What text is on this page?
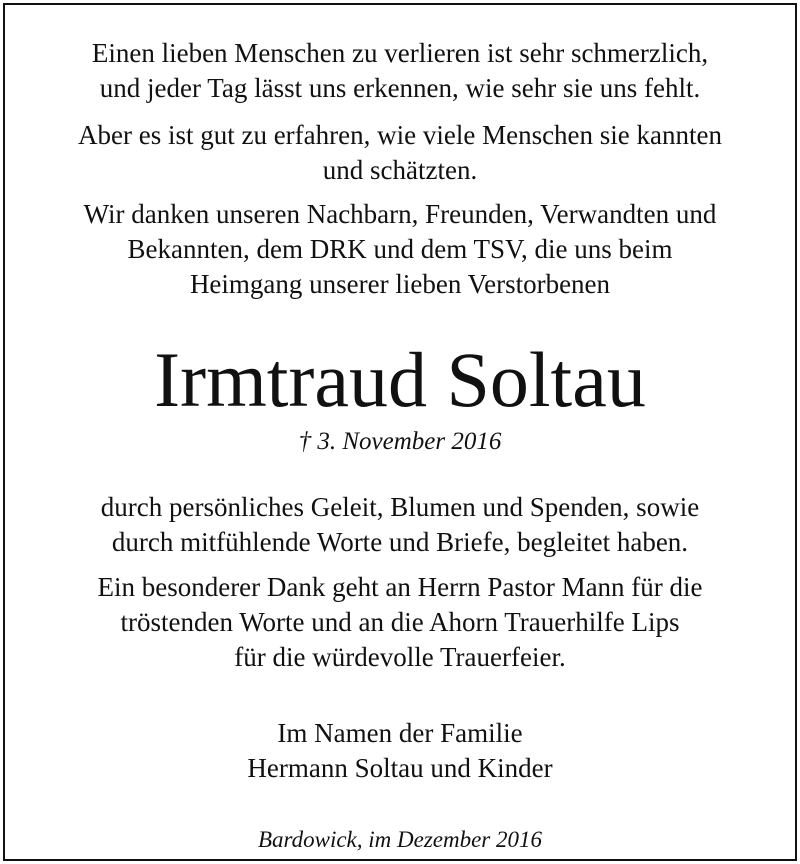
Einen lieben Menschen zu verlieren ist sehr schmerzlich,
und jeder Tag lässt uns erkennen, wie sehr sie uns fehlt.
Aber es ist gut zu erfahren, wie viele Menschen sie kannten
und schätzten.
Wir danken unseren Nachbarn, Freunden, Verwandten und
Bekannten, dem DRK und dem TSV, die uns beim
Heimgang unserer lieben Verstorbenen
Irmtraud Soltau
† 3. November 2016
durch persönliches Geleit, Blumen und Spenden, sowie
durch mitfühlende Worte und Briefe, begleitet haben.
Ein besonderer Dank geht an Herrn Pastor Mann für die
tröstenden Worte und an die Ahorn Trauerhilfe Lips
für die würdevolle Trauerfeier.
Im Namen der Familie
Hermann Soltau und Kinder
Bardowick, im Dezember 2016
